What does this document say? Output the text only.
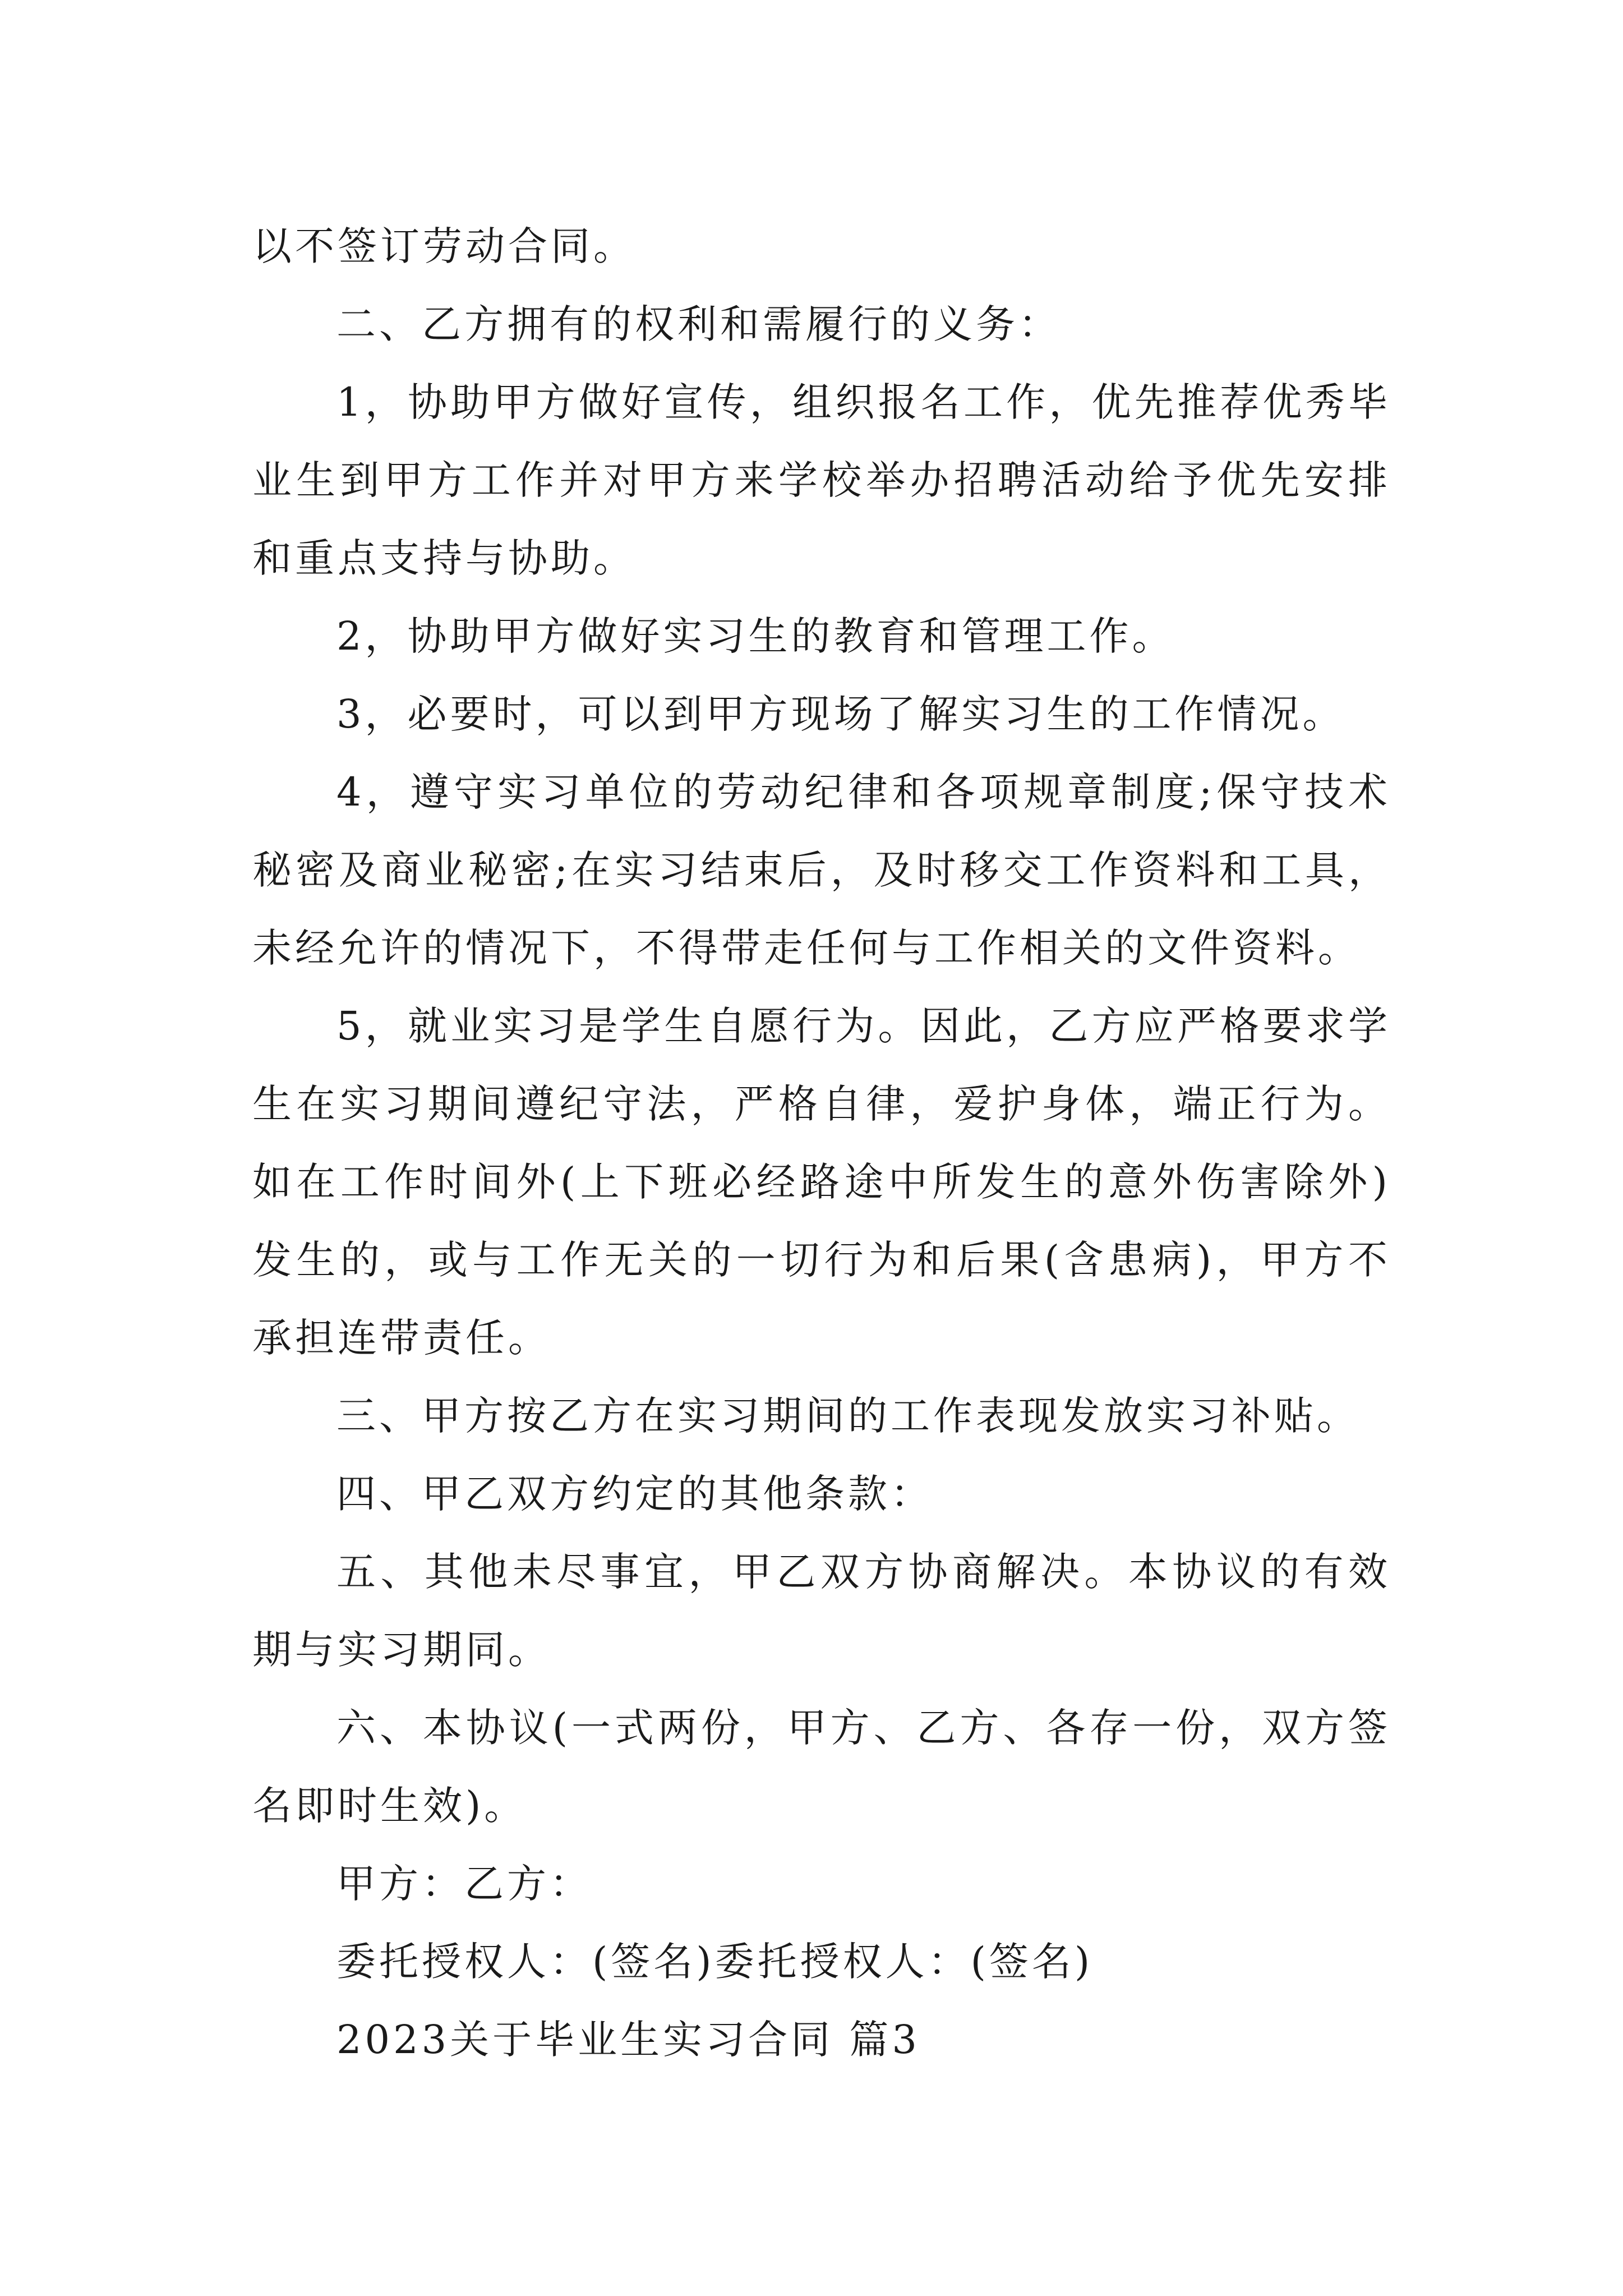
以不签订劳动合同。

二、乙方拥有的权利和需履行的义务：

1，协助甲方做好宣传，组织报名工作，优先推荐优秀毕业生到甲方工作并对甲方来学校举办招聘活动给予优先安排和重点支持与协助。

2，协助甲方做好实习生的教育和管理工作。

3，必要时，可以到甲方现场了解实习生的工作情况。

4，遵守实习单位的劳动纪律和各项规章制度;保守技术秘密及商业秘密;在实习结束后，及时移交工作资料和工具，未经允许的情况下，不得带走任何与工作相关的文件资料。

5，就业实习是学生自愿行为。因此，乙方应严格要求学生在实习期间遵纪守法，严格自律，爱护身体，端正行为。如在工作时间外(上下班必经路途中所发生的意外伤害除外)发生的，或与工作无关的一切行为和后果(含患病)，甲方不承担连带责任。

三、甲方按乙方在实习期间的工作表现发放实习补贴。

四、甲乙双方约定的其他条款：

五、其他未尽事宜，甲乙双方协商解决。本协议的有效期与实习期同。

六、本协议(一式两份，甲方、乙方、各存一份，双方签名即时生效)。

甲方：乙方：

委托授权人：(签名)委托授权人：(签名)

2023关于毕业生实习合同 篇3
